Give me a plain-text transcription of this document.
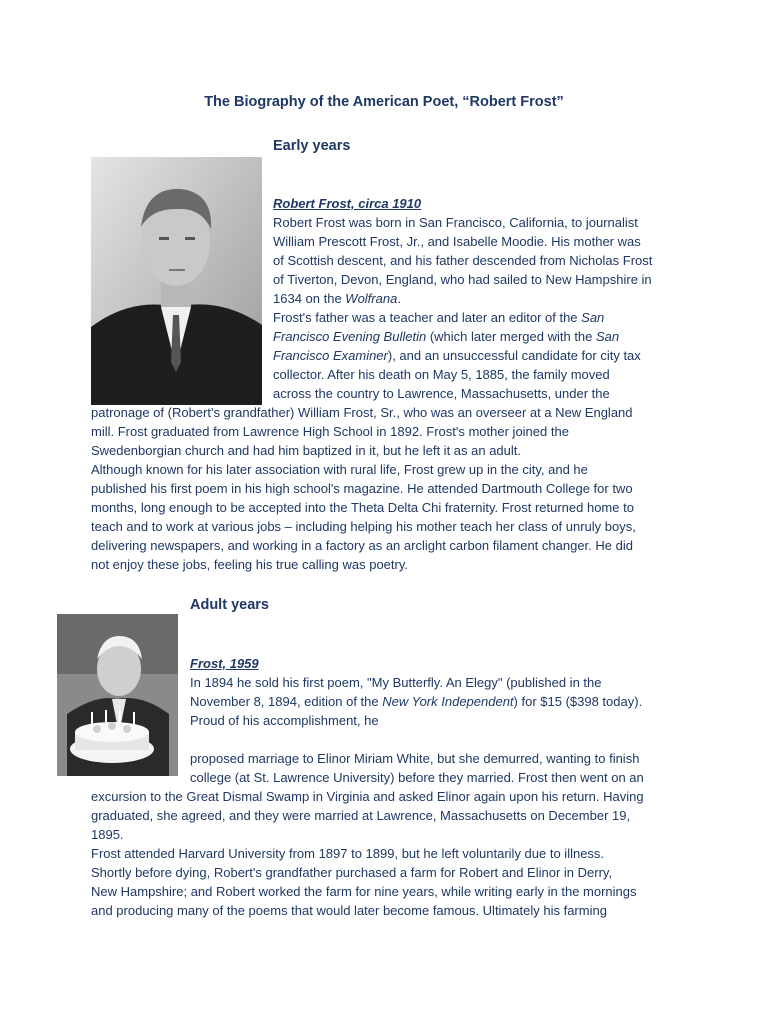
The Biography of the American Poet, “Robert Frost”
Early years
Robert Frost, circa 1910
Robert Frost was born in San Francisco, California, to journalist
William Prescott Frost, Jr., and Isabelle Moodie. His mother was
of Scottish descent, and his father descended from Nicholas Frost
of Tiverton, Devon, England, who had sailed to New Hampshire in
1634 on the Wolfrana.
Frost's father was a teacher and later an editor of the San
Francisco Evening Bulletin (which later merged with the San
Francisco Examiner), and an unsuccessful candidate for city tax
collector. After his death on May 5, 1885, the family moved
across the country to Lawrence, Massachusetts, under the
patronage of (Robert's grandfather) William Frost, Sr., who was an overseer at a New England
mill. Frost graduated from Lawrence High School in 1892. Frost's mother joined the
Swedenborgian church and had him baptized in it, but he left it as an adult.
Although known for his later association with rural life, Frost grew up in the city, and he
published his first poem in his high school's magazine. He attended Dartmouth College for two
months, long enough to be accepted into the Theta Delta Chi fraternity. Frost returned home to
teach and to work at various jobs – including helping his mother teach her class of unruly boys,
delivering newspapers, and working in a factory as an arclight carbon filament changer. He did
not enjoy these jobs, feeling his true calling was poetry.
Adult years
Frost, 1959
In 1894 he sold his first poem, "My Butterfly. An Elegy" (published in the
November 8, 1894, edition of the New York Independent) for $15 ($398 today).
Proud of his accomplishment, he
proposed marriage to Elinor Miriam White, but she demurred, wanting to finish
college (at St. Lawrence University) before they married. Frost then went on an
excursion to the Great Dismal Swamp in Virginia and asked Elinor again upon his return. Having
graduated, she agreed, and they were married at Lawrence, Massachusetts on December 19,
1895.
Frost attended Harvard University from 1897 to 1899, but he left voluntarily due to illness.
Shortly before dying, Robert's grandfather purchased a farm for Robert and Elinor in Derry,
New Hampshire; and Robert worked the farm for nine years, while writing early in the mornings
and producing many of the poems that would later become famous. Ultimately his farming
